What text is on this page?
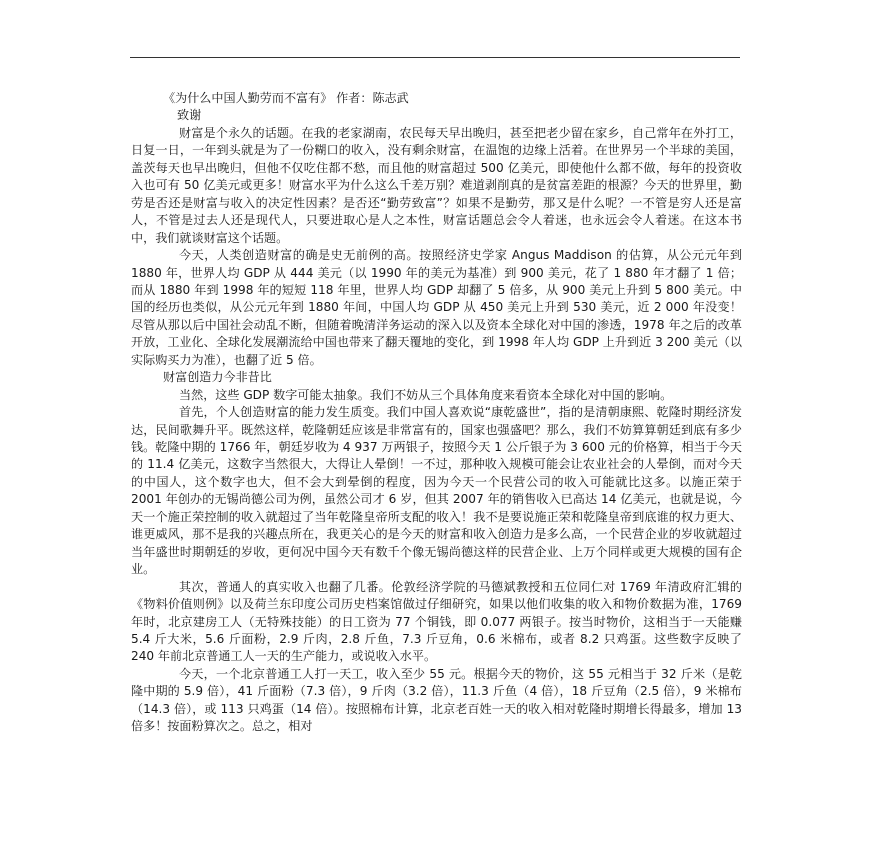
《为什么中国人勤劳而不富有》 作者：陈志武
致谢

财富是个永久的话题。在我的老家湖南，农民每天早出晚归，甚至把老少留在家乡，自己常年在外打工，日复一日，一年到头就是为了一份糊口的收入，没有剩余财富，在温饱的边缘上活着。在世界另一个半球的美国，盖茨每天也早出晚归，但他不仅吃住都不愁，而且他的财富超过 500 亿美元，即使他什么都不做，每年的投资收入也可有 50 亿美元或更多！财富水平为什么这么千差万别？难道剥削真的是贫富差距的根源？今天的世界里，勤劳是否还是财富与收入的决定性因素？是否还“勤劳致富”？如果不是勤劳，那又是什么呢？一不管是穷人还是富人，不管是过去人还是现代人，只要进取心是人之本性，财富话题总会令人着迷，也永远会令人着迷。在这本书中，我们就谈财富这个话题。

今天，人类创造财富的确是史无前例的高。按照经济史学家 Angus Maddison 的估算，从公元元年到 1880 年，世界人均 GDP 从 444 美元（以 1990 年的美元为基准）到 900 美元，花了 1 880 年才翻了 1 倍；而从 1880 年到 1998 年的短短 118 年里，世界人均 GDP 却翻了 5 倍多，从 900 美元上升到 5 800 美元。中国的经历也类似，从公元元年到 1880 年间，中国人均 GDP 从 450 美元上升到 530 美元，近 2 000 年没变！尽管从那以后中国社会动乱不断，但随着晚清洋务运动的深入以及资本全球化对中国的渗透，1978 年之后的改革开放，工业化、全球化发展潮流给中国也带来了翻天覆地的变化，到 1998 年人均 GDP 上升到近 3 200 美元（以实际购买力为准），也翻了近 5 倍。

财富创造力今非昔比

当然，这些 GDP 数字可能太抽象。我们不妨从三个具体角度来看资本全球化对中国的影响。

首先，个人创造财富的能力发生质变。我们中国人喜欢说“康乾盛世”，指的是清朝康熙、乾隆时期经济发达，民间歌舞升平。既然这样，乾隆朝廷应该是非常富有的，国家也强盛吧？那么，我们不妨算算朝廷到底有多少钱。乾隆中期的 1766 年，朝廷岁收为 4 937 万两银子，按照今天 1 公斤银子为 3 600 元的价格算，相当于今天的 11.4 亿美元，这数字当然很大，大得让人晕倒！一不过，那种收入规模可能会让农业社会的人晕倒，而对今天的中国人，这个数字也大，但不会大到晕倒的程度，因为今天一个民营公司的收入可能就比这多。以施正荣于 2001 年创办的无锡尚德公司为例，虽然公司才 6 岁，但其 2007 年的销售收入已高达 14 亿美元，也就是说，今天一个施正荣控制的收入就超过了当年乾隆皇帝所支配的收入！我不是要说施正荣和乾隆皇帝到底谁的权力更大、谁更威风，那不是我的兴趣点所在，我更关心的是今天的财富和收入创造力是多么高，一个民营企业的岁收就超过当年盛世时期朝廷的岁收，更何况中国今天有数千个像无锡尚德这样的民营企业、上万个同样或更大规模的国有企业。

其次，普通人的真实收入也翻了几番。伦敦经济学院的马德斌教授和五位同仁对 1769 年清政府汇辑的《物料价值则例》以及荷兰东印度公司历史档案馆做过仔细研究，如果以他们收集的收入和物价数据为准，1769 年时，北京建房工人（无特殊技能）的日工资为 77 个铜钱，即 0.077 两银子。按当时物价，这相当于一天能赚 5.4 斤大米，5.6 斤面粉，2.9 斤肉，2.8 斤鱼，7.3 斤豆角，0.6 米棉布，或者 8.2 只鸡蛋。这些数字反映了 240 年前北京普通工人一天的生产能力，或说收入水平。

今天，一个北京普通工人打一天工，收入至少 55 元。根据今天的物价，这 55 元相当于 32 斤米（是乾隆中期的 5.9 倍），41 斤面粉（7.3 倍），9 斤肉（3.2 倍），11.3 斤鱼（4 倍），18 斤豆角（2.5 倍），9 米棉布（14.3 倍），或 113 只鸡蛋（14 倍）。按照棉布计算，北京老百姓一天的收入相对乾隆时期增长得最多，增加 13 倍多！按面粉算次之。总之，相对
